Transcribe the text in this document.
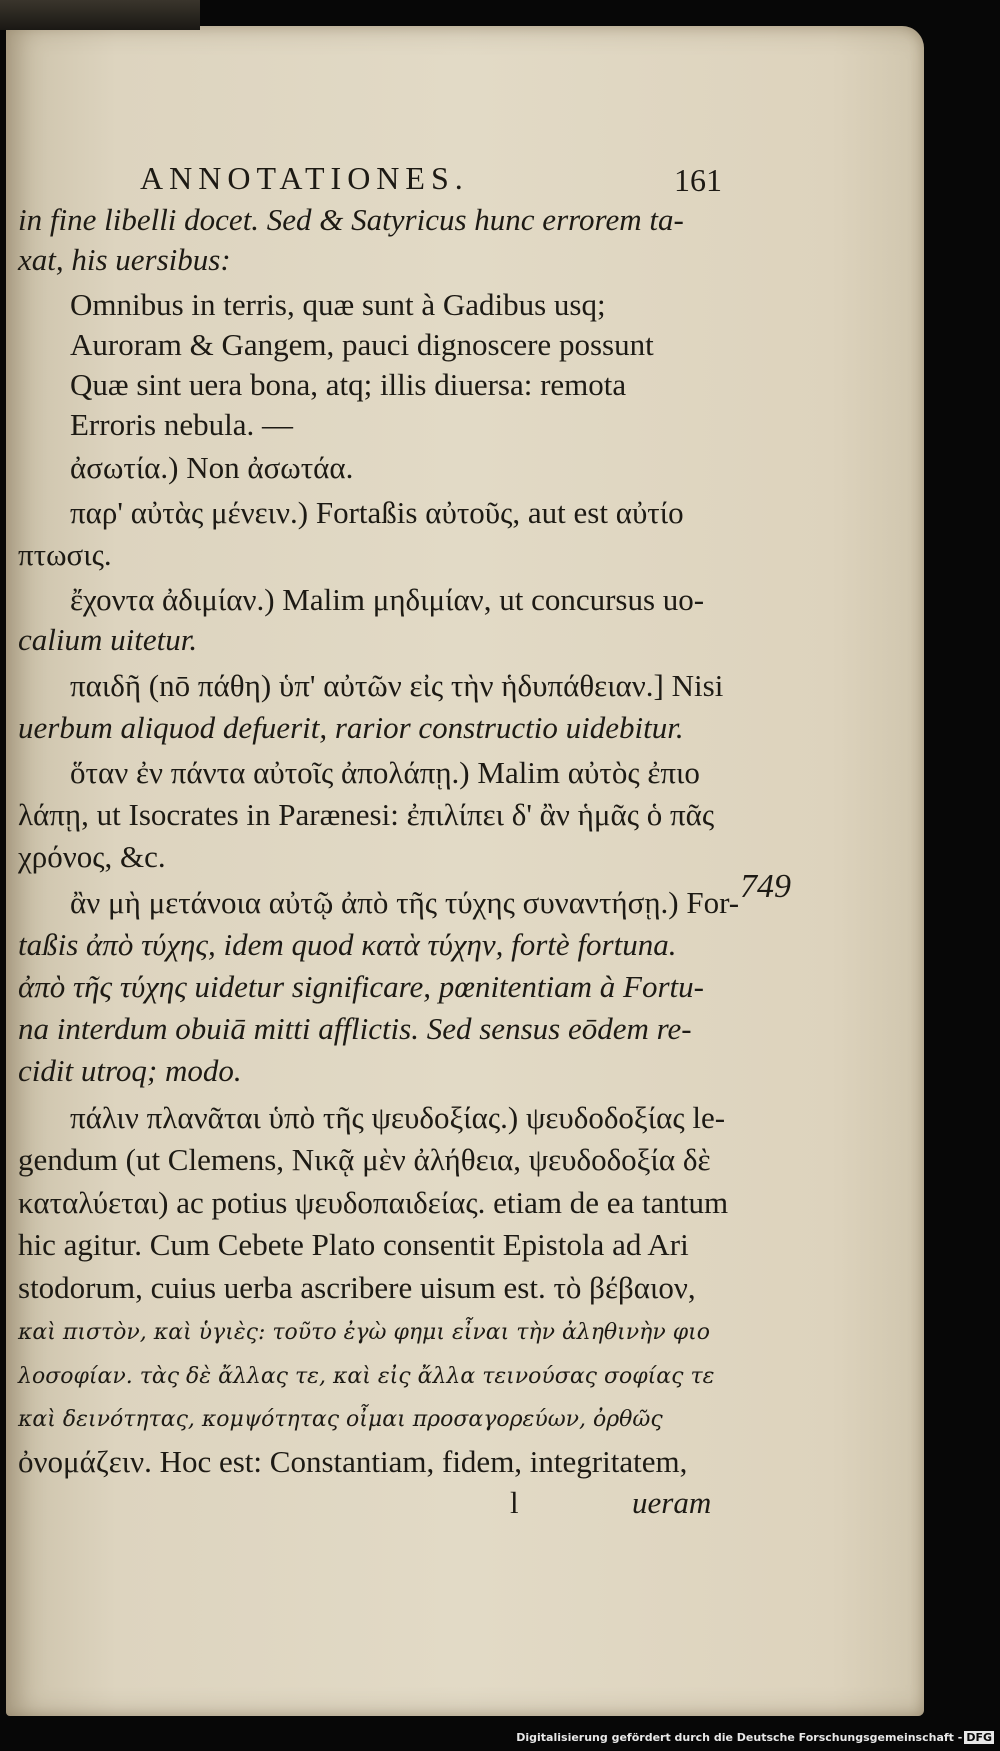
ANNOTATIONES.	161
749
in fine libelli docet. Sed & Satyricus hunc errorem ta-
xat, his uersibus:
Omnibus in terris, quæ sunt à Gadibus usq;
Auroram & Gangem, pauci dignoscere possunt
Quæ sint uera bona, atq; illis diuersa: remota
Erroris nebula. —
ἀσωτία.) Non ἀσωτάα.
παρ' αὐτὰς μένειν.) Fortaßis αὐτοῦς, aut est αὐτίο
πτωσις.
ἔχοντα ἀδιμίαν.) Malim μηδιμίαν, ut concursus uo-
calium uitetur.
παιδῆ (nō πάθη) ὑπ' αὐτῶν εἰς τὴν ἡδυπάθειαν.] Nisi
uerbum aliquod defuerit, rarior constructio uidebitur.
ὅταν ἐν πάντα αὐτοῖς ἀπολάπῃ.) Malim αὐτὸς ἐπιο
λάπῃ, ut Isocrates in Parænesi: ἐπιλίπει δ' ἂν ἡμᾶς ὁ πᾶς
χρόνος, &c.
ἂν μὴ μετάνοια αὐτῷ ἀπὸ τῆς τύχης συναντήσῃ.) For-
taßis ἀπὸ τύχης, idem quod κατὰ τύχην, fortè fortuna.
ἀπὸ τῆς τύχης uidetur significare, pœnitentiam à Fortu-
na interdum obuiā mitti afflictis. Sed sensus eōdem re-
cidit utroq; modo.
πάλιν πλανᾶται ὑπὸ τῆς ψευδοξίας.) ψευδοδοξίας le-
gendum (ut Clemens, Νικᾷ μὲν ἀλήθεια, ψευδοδοξία δὲ
καταλύεται) ac potius ψευδοπαιδείας. etiam de ea tantum
hic agitur. Cum Cebete Plato consentit Epistola ad Ari
stodorum, cuius uerba ascribere uisum est. τὸ βέβαιον,
καὶ πιστὸν, καὶ ὑγιὲς: τοῦτο ἐγὼ φημι εἶναι τὴν ἀληθινὴν φιο
λοσοφίαν. τὰς δὲ ἄλλας τε, καὶ εἰς ἄλλα τεινούσας σοφίας τε
καὶ δεινότητας, κομψότητας οἶμαι προσαγορεύων, ὀρθῶς
ὀνομάζειν. Hoc est: Constantiam, fidem, integritatem,
l	ueram
Digitalisierung gefördert durch die Deutsche Forschungsgemeinschaft - DFG
